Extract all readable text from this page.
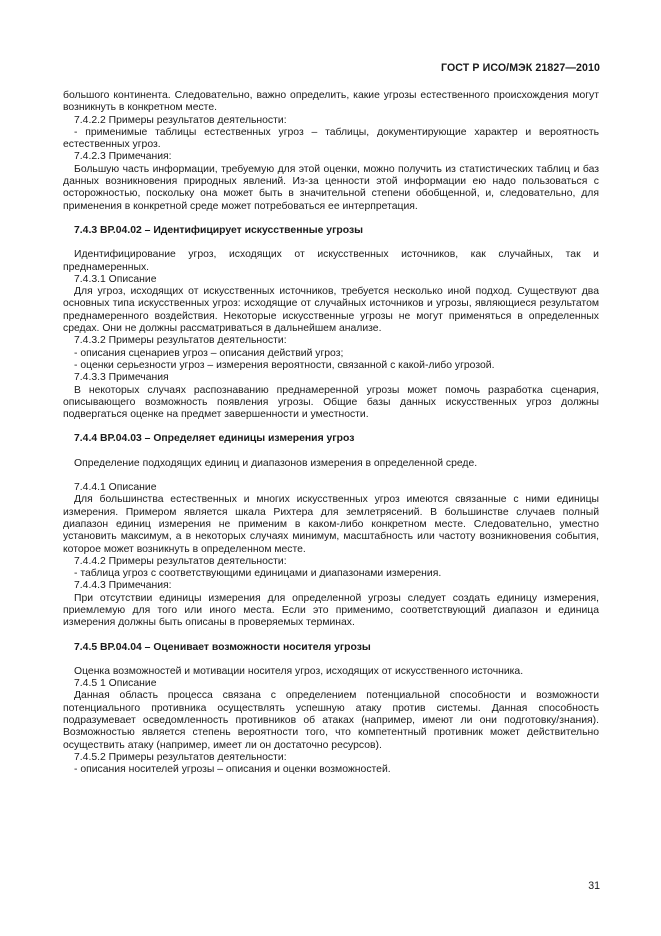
ГОСТ Р ИСО/МЭК 21827—2010

большого континента. Следовательно, важно определить, какие угрозы естественного происхождения могут возникнуть в конкретном месте.

7.4.2.2 Примеры результатов деятельности:

- применимые таблицы естественных угроз – таблицы, документирующие характер и вероятность естественных угроз.

7.4.2.3 Примечания:

Большую часть информации, требуемую для этой оценки, можно получить из статистических таблиц и баз данных возникновения природных явлений. Из-за ценности этой информации ею надо пользоваться с осторожностью, поскольку она может быть в значительной степени обобщенной, и, следовательно, для применения в конкретной среде может потребоваться ее интерпретация.

7.4.3 ВР.04.02 – Идентифицирует искусственные угрозы

Идентифицирование угроз, исходящих от искусственных источников, как случайных, так и преднамеренных.

7.4.3.1 Описание

Для угроз, исходящих от искусственных источников, требуется несколько иной подход. Существуют два основных типа искусственных угроз: исходящие от случайных источников и угрозы, являющиеся результатом преднамеренного воздействия. Некоторые искусственные угрозы не могут применяться в определенных средах. Они не должны рассматриваться в дальнейшем анализе.

7.4.3.2 Примеры результатов деятельности:

- описания сценариев угроз – описания действий угроз;

- оценки серьезности угроз – измерения вероятности, связанной с какой-либо угрозой.

7.4.3.3 Примечания

В некоторых случаях распознаванию преднамеренной угрозы может помочь разработка сценария, описывающего возможность появления угрозы. Общие базы данных искусственных угроз должны подвергаться оценке на предмет завершенности и уместности.

7.4.4 ВР.04.03 – Определяет единицы измерения угроз

Определение подходящих единиц и диапазонов измерения в определенной среде.

7.4.4.1 Описание

Для большинства естественных и многих искусственных угроз имеются связанные с ними единицы измерения. Примером является шкала Рихтера для землетрясений. В большинстве случаев полный диапазон единиц измерения не применим в каком-либо конкретном месте. Следовательно, уместно установить максимум, а в некоторых случаях минимум, масштабность или частоту возникновения события, которое может возникнуть в определенном месте.

7.4.4.2 Примеры результатов деятельности:

- таблица угроз с соответствующими единицами и диапазонами измерения.

7.4.4.3 Примечания:

При отсутствии единицы измерения для определенной угрозы следует создать единицу измерения, приемлемую для того или иного места. Если это применимо, соответствующий диапазон и единица измерения должны быть описаны в проверяемых терминах.

7.4.5 ВР.04.04 – Оценивает возможности носителя угрозы

Оценка возможностей и мотивации носителя угроз, исходящих от искусственного источника.

7.4.5 1 Описание

Данная область процесса связана с определением потенциальной способности и возможности потенциального противника осуществлять успешную атаку против системы. Данная способность подразумевает осведомленность противников об атаках (например, имеют ли они подготовку/знания). Возможностью является степень вероятности того, что компетентный противник может действительно осуществить атаку (например, имеет ли он достаточно ресурсов).

7.4.5.2 Примеры результатов деятельности:

- описания носителей угрозы – описания и оценки возможностей.

31
